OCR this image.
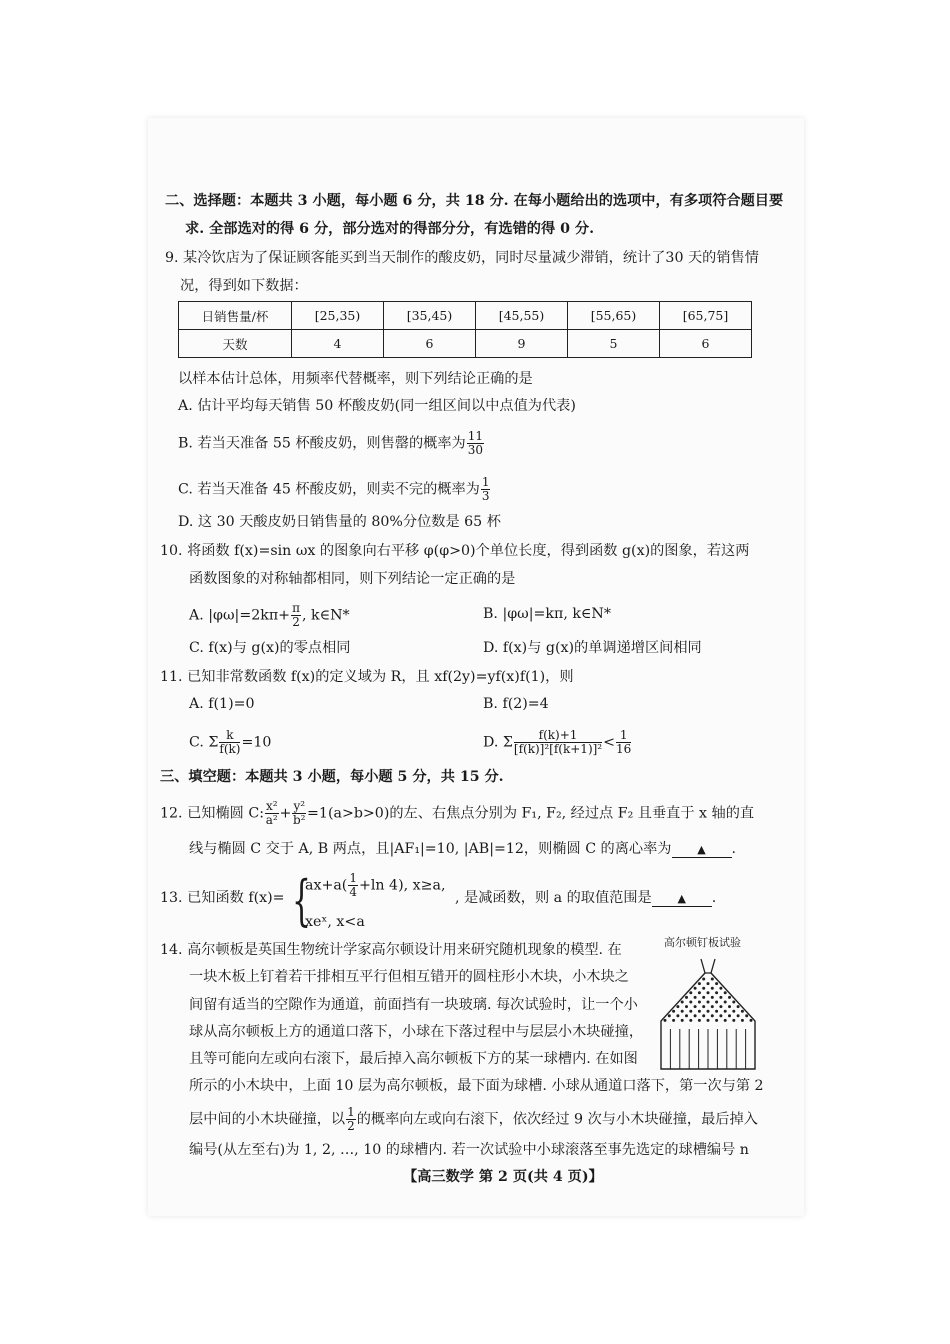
二、选择题：本题共 3 小题，每小题 6 分，共 18 分. 在每小题给出的选项中，有多项符合题目要
求. 全部选对的得 6 分，部分选对的得部分分，有选错的得 0 分.
9. 某冷饮店为了保证顾客能买到当天制作的酸皮奶，同时尽量减少滞销，统计了30 天的销售情
况，得到如下数据：
日销售量/杯	[25,35)	[35,45)	[45,55)	[55,65)	[65,75]
天数	4	6	9	5	6
以样本估计总体，用频率代替概率，则下列结论正确的是
A. 估计平均每天销售 50 杯酸皮奶(同一组区间以中点值为代表)
B. 若当天准备 55 杯酸皮奶，则售罄的概率为 $\frac{11}{30}$
C. 若当天准备 45 杯酸皮奶，则卖不完的概率为 $\frac{1}{3}$
D. 这 30 天酸皮奶日销售量的 80%分位数是 65 杯
10. 将函数 f(x)=sin ωx 的图象向右平移 φ(φ>0)个单位长度，得到函数 g(x)的图象，若这两
函数图象的对称轴都相同，则下列结论一定正确的是
A. $|\varphi\omega|=2k\pi+ \frac{\pi}{2}$ , k∈N*	B. |φω|=kπ, k∈N*
C. f(x)与 g(x)的零点相同	D. f(x)与 g(x)的单调递增区间相同
11. 已知非常数函数 f(x)的定义域为 R，且 xf(2y)=yf(x)f(1)，则
A. f(1)=0	B. f(2)=4
C. Σ $\frac{k}{f(k)} =10$	D. Σ $\frac{f(k)+1}{\text{[f(k)]²[f(k+1)]²}} < \frac{1}{16}$
三、填空题：本题共 3 小题，每小题 5 分，共 15 分.
12. 已知椭圆 C: $\frac{\text{x²}}{\text{a²}} + \frac{\text{y²}}{\text{b²}} =1(a>b>0)$的左、右焦点分别为 F₁, F₂, 经过点 F₂ 且垂直于 x 轴的直
线与椭圆 C 交于 A, B 两点，且|AF₁|=10, |AB|=12，则椭圆 C 的离心率为 ▲ .
13. 已知函数 f(x)= {
$ax+a( \frac{1}{4} +\ln$ 4), x≥a,
xeˣ, x<a
, 是减函数，则 a 的取值范围是 ▲ .
14. 高尔顿板是英国生物统计学家高尔顿设计用来研究随机现象的模型. 在
一块木板上钉着若干排相互平行但相互错开的圆柱形小木块，小木块之
间留有适当的空隙作为通道，前面挡有一块玻璃. 每次试验时，让一个小
球从高尔顿板上方的通道口落下，小球在下落过程中与层层小木块碰撞，
且等可能向左或向右滚下，最后掉入高尔顿板下方的某一球槽内. 在如图
所示的小木块中，上面 10 层为高尔顿板，最下面为球槽. 小球从通道口落下，第一次与第 2
层中间的小木块碰撞，以 $\frac{1}{2}$ 的概率向左或向右滚下，依次经过 9 次与小木块碰撞，最后掉入
编号(从左至右)为 1, 2, …, 10 的球槽内. 若一次试验中小球滚落至事先选定的球槽编号 n
高尔顿钉板试验
【高三数学 第 2 页(共 4 页)】
